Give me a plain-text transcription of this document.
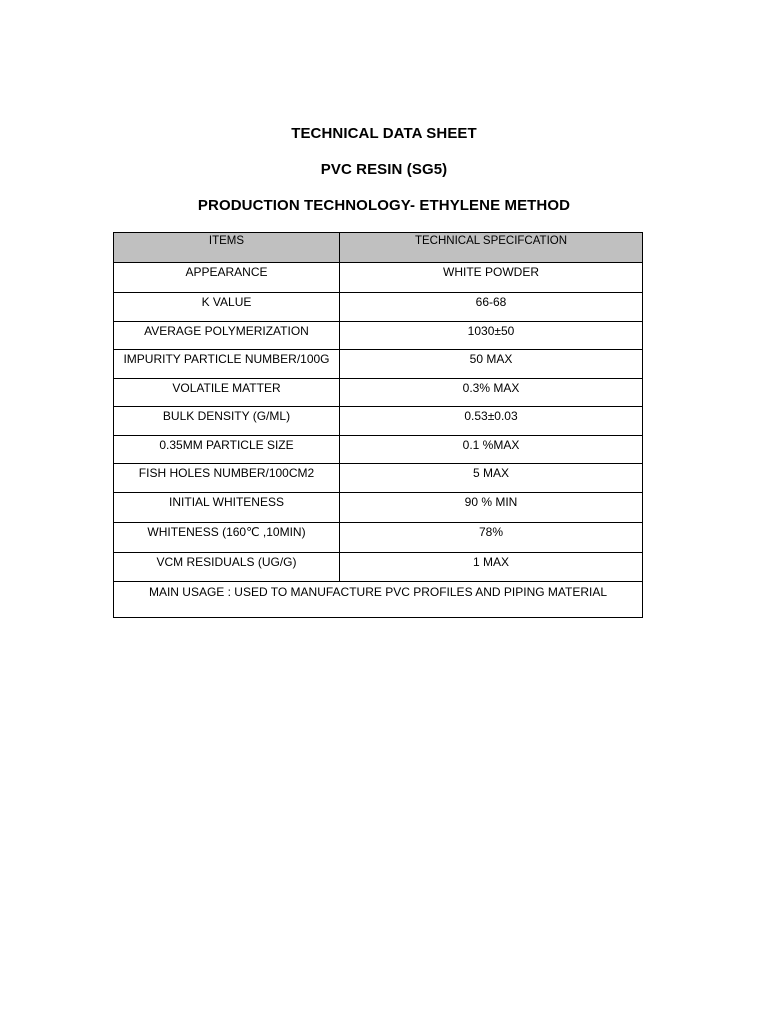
TECHNICAL DATA SHEET
PVC RESIN (SG5)
PRODUCTION TECHNOLOGY- ETHYLENE METHOD
ITEMS	TECHNICAL SPECIFCATION
APPEARANCE	WHITE POWDER
K VALUE	66-68
AVERAGE POLYMERIZATION	1030±50
IMPURITY PARTICLE NUMBER/100G	50 MAX
VOLATILE MATTER	0.3% MAX
BULK DENSITY (G/ML)	0.53±0.03
0.35MM PARTICLE SIZE	0.1 %MAX
FISH HOLES NUMBER/100CM2	5 MAX
INITIAL WHITENESS	90 % MIN
WHITENESS (160℃ ,10MIN)	78%
VCM RESIDUALS (UG/G)	1 MAX
MAIN USAGE : USED TO MANUFACTURE PVC PROFILES AND PIPING MATERIAL	
